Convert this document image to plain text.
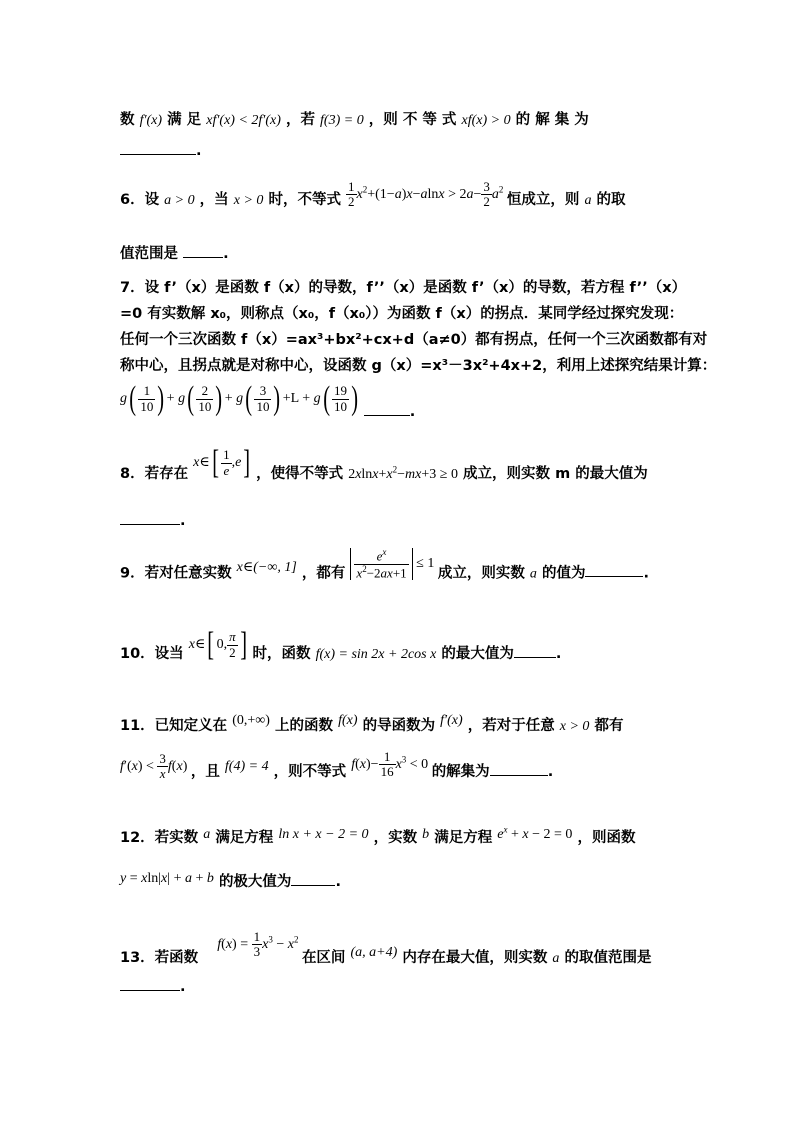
数 f′(x) 满 足 xf′(x) < 2f′(x) ，若 f(3) = 0 ，则 不 等 式 xf(x) > 0 的 解 集 为
.
6．设 a > 0 ，当 x > 0 时，不等式 $\frac{1}{2} x^2+(1-a)x-alnx > 2a- \frac{3}{2} a^2$ 恒成立，则 a 的取
值范围是	.
7．设 f’（x）是函数 f（x）的导数，f’’（x）是函数 f’（x）的导数，若方程 f’’（x）
=0 有实数解 x₀，则称点（x₀，f（x₀））为函数 f（x）的拐点．某同学经过探究发现：
任何一个三次函数 f（x）=ax³+bx²+cx+d（a≠0）都有拐点，任何一个三次函数都有对
称中心，且拐点就是对称中心，设函数 g（x）=x³－3x²+4x+2，利用上述探究结果计算：
$g( \frac{1}{10}$ ) + $g( \frac{2}{10}$ ) + $g( \frac{3}{10}$ ) $+L + g( \frac{19}{10}$ )	.
8．若存在 x∈[ $\frac{1}{e} ,e$] ，使得不等式 $2xlnx+x^2-mx+3 \ge 0$ 成立，则实数 m 的最大值为
.
9．若对任意实数 x∈(−∞, 1] ，都有 $\frac{e^x}{x^2-2ax+1} \le 1$ 成立，则实数 a 的值为	.
10．设当 x∈[ 0, $\frac{\pi}{2}$ ] 时，函数 f(x) = sin 2x + 2cos x 的最大值为	.
11．已知定义在 (0,+∞) 上的函数 f(x) 的导函数为 f′(x) ，若对于任意 x > 0 都有
$f'(x) < \frac{3}{x} f(x)$ ，且 f(4) = 4 ，则不等式 $f(x)- \frac{1}{16} x^3 < 0$ 的解集为	.
12．若实数 a 满足方程 ln x + x − 2 = 0 ，实数 b 满足方程 $e^x + x - 2 = 0$ ，则函数
y = xln|x| + a + b 的极大值为	.
13．若函数 $f(x) = \frac{1}{3} x^3 - x^2$ 在区间 (a, a+4) 内存在最大值，则实数 a 的取值范围是
.
